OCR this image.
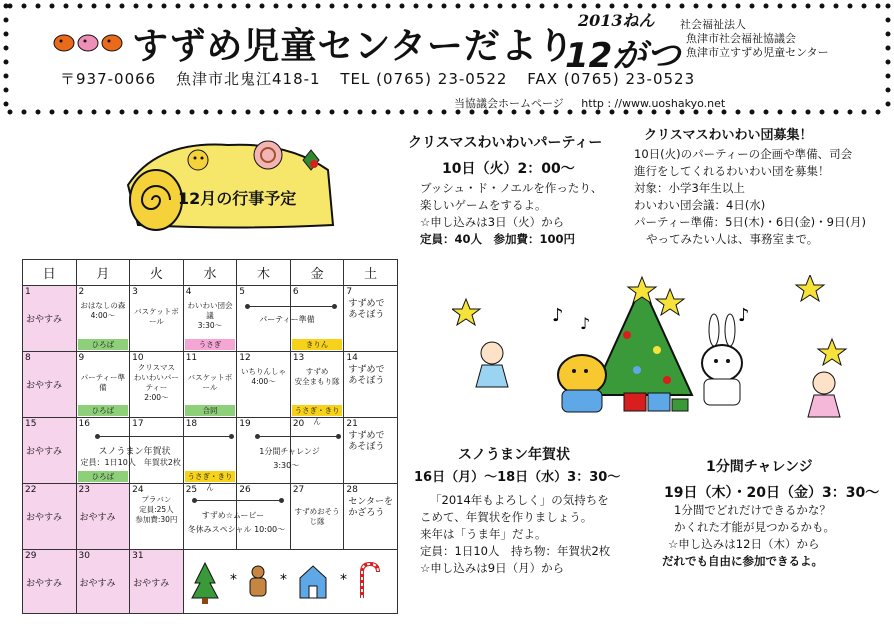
すずめ児童センターだより
2013ねん
12がつ
社会福祉法人
魚津市社会福祉協議会
魚津市立すずめ児童センター
〒937-0066 魚津市北鬼江418-1 TEL (0765) 23-0522 FAX (0765) 23-0523
当協議会ホームページ http : //www.uoshakyo.net
12月の行事予定
日	月	火	水	木	金	土

1
おやすみ	2
おはなしの森
4:00～
ひろば	3
バスケットボール	4
わいわい団会議
3:30～
うさぎ	5
パーティー準備	6
きりん	7
すずめで
あそぼう

8
おやすみ	9
パーティー準備
ひろば	10
クリスマス
わいわいパーティー
2:00～	11
バスケットボール
合同	12
いちりんしゃ
4:00～	13
すずめ
安全まもり隊
うさぎ・きりん	14
すずめで
あそぼう

15
おやすみ	16
スノうまン年賀状
定員：1日10人　年賀状2枚
ひろば	17	18
うさぎ・きりん	19
1分間チャレンジ
3:30～	20	21
すずめで
あそぼう

22
おやすみ	23
おやすみ	24
プラバン
定員:25人
参加費:30円	25
すずめ☆ムービー
冬休みスペシャル 10:00～	26	27
すずめおそうじ隊	28
センターを
かざろう

29
おやすみ	30
おやすみ	31
おやすみ	* * *			
クリスマスわいわいパーティー
10日（火）2：00～
ブッシュ・ド・ノエルを作ったり、
楽しいゲームをするよ。
☆申し込みは3日（火）から
定員：40人　参加費：100円
クリスマスわいわい団募集！
10日(火)のパーティーの企画や準備、司会
進行をしてくれるわいわい団を募集！
対象：小学3年生以上
わいわい団会議：4日(水)
パーティー準備：5日(木)・6日(金)・9日(月)
やってみたい人は、事務室まで。
♪ ♪	♪
スノうまン年賀状
16日（月）～18日（水）3：30～
「2014年もよろしく」の気持ちを
こめて、年賀状を作りましょう。
来年は「うま年」だよ。
定員：1日10人　持ち物：年賀状2枚
☆申し込みは9日（月）から
1分間チャレンジ
19日（木）・20日（金）3：30～
1分間でどれだけできるかな？
かくれた才能が見つかるかも。
☆申し込みは12日（木）から
だれでも自由に参加できるよ。
